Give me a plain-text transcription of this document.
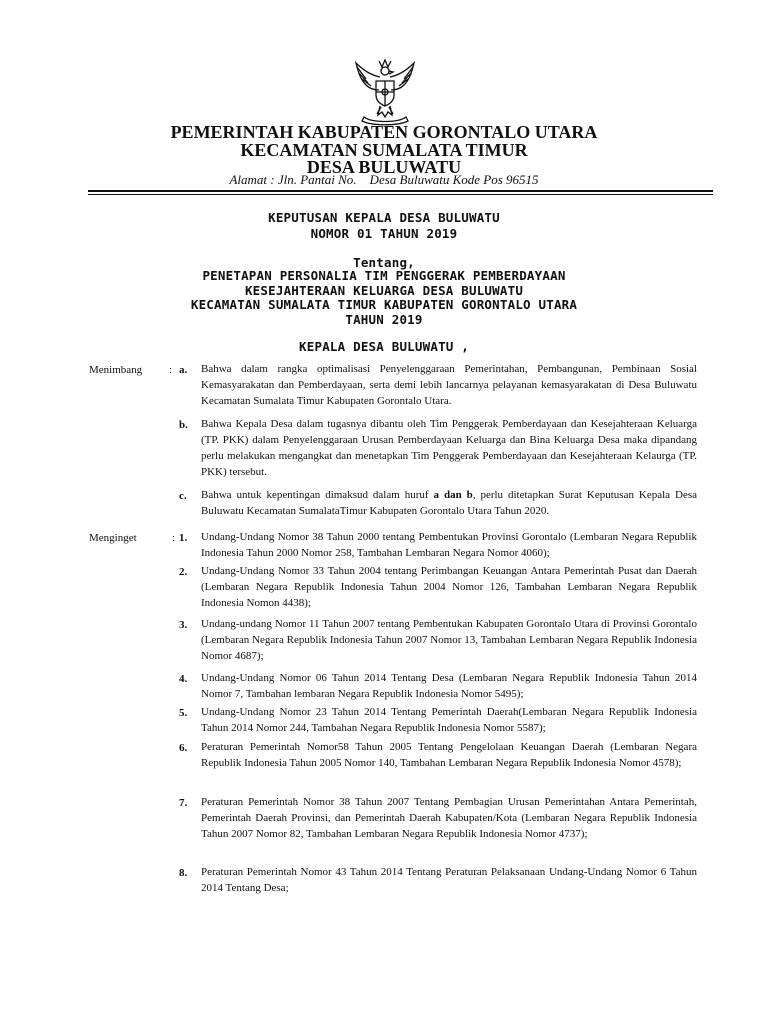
PEMERINTAH KABUPATEN GORONTALO UTARA
KECAMATAN SUMALATA TIMUR
DESA BULUWATU
Alamat : Jln. Pantai No.    Desa Buluwatu Kode Pos 96515
KEPUTUSAN KEPALA DESA BULUWATU
NOMOR 01 TAHUN 2019
Tentang,
PENETAPAN PERSONALIA TIM PENGGERAK PEMBERDAYAAN
KESEJAHTERAAN KELUARGA DESA BULUWATU
KECAMATAN SUMALATA TIMUR KABUPATEN GORONTALO UTARA
TAHUN 2019
KEPALA DESA BULUWATU ,
Menimbang : a. Bahwa dalam rangka optimalisasi Penyelenggaraan Pemerintahan, Pembangunan, Pembinaan Sosial Kemasyarakatan dan Pemberdayaan, serta demi lebih lancarnya pelayanan kemasyarakatan di Desa Buluwatu Kecamatan Sumalata Timur Kabupaten Gorontalo Utara.
b. Bahwa Kepala Desa dalam tugasnya dibantu oleh Tim Penggerak Pemberdayaan dan Kesejahteraan Keluarga (TP. PKK) dalam Penyelenggaraan Urusan Pemberdayaan Keluarga dan Bina Keluarga Desa maka dipandang perlu melakukan mengangkat dan menetapkan Tim Penggerak Pemberdayaan dan Kesejahteraan Kelaurga (TP. PKK) tersebut.
c. Bahwa untuk kepentingan dimaksud dalam huruf a dan b, perlu ditetapkan Surat Keputusan Kepala Desa Buluwatu Kecamatan SumalataTimur Kabupaten Gorontalo Utara Tahun 2020.
Menginget	: 1. Undang-Undang Nomor 38 Tahun 2000 tentang Pembentukan Provinsi Gorontalo (Lembaran Negara Republik Indonesia Tahun 2000 Nomor 258, Tambahan Lembaran Negara Nomor 4060);
2. Undang-Undang Nomor 33 Tahun 2004 tentang Perimbangan Keuangan Antara Pemerintah Pusat dan Daerah (Lembaran Negara Republik Indonesia Tahun 2004 Nomor 126, Tambahan Lembaran Negara Republik Indonesia Nomon 4438);
3. Undang-undang Nomor 11 Tahun 2007 tentang Pembentukan Kabupaten Gorontalo Utara di Provinsi Gorontalo (Lembaran Negara Republik Indonesia Tahun 2007 Nomor 13, Tambahan Lembaran Negara Republik Indonesia Nomor 4687);
4. Undang-Undang Nomor 06 Tahun 2014 Tentang Desa (Lembaran Negara Republik Indonesia Tahun 2014 Nomor 7, Tambahan lembaran Negara Republik Indonesia Nomor 5495);
5. Undang-Undang Nomor 23 Tahun 2014 Tentang Pemerintah Daerah(Lembaran Negara Republik Indonesia Tahun 2014 Nomor 244, Tambahan Negara Republik Indonesia Nomor 5587);
6. Peraturan Pemerintah Nomor58 Tahun 2005 Tentang Pengelolaan Keuangan Daerah (Lembaran Negara Republik Indonesia Tahun 2005 Nomor 140, Tambahan Lembaran Negara Republik Indonesia Nomor 4578);
7. Peraturan Pemerintah Nomor 38 Tahun 2007 Tentang Pembagian Urusan Pemerintahan Antara Pemerintah, Pemerintah Daerah Provinsi, dan Pemerintah Daerah Kabupaten/Kota (Lembaran Negara Republik Indonesia Tahun 2007 Nomor 82, Tambahan Lembaran Negara Republik Indonesia Nomor 4737);
8. Peraturan Pemerintah Nomor 43 Tahun 2014 Tentang Peraturan Pelaksanaan Undang-Undang Nomor 6 Tahun 2014 Tentang Desa;
